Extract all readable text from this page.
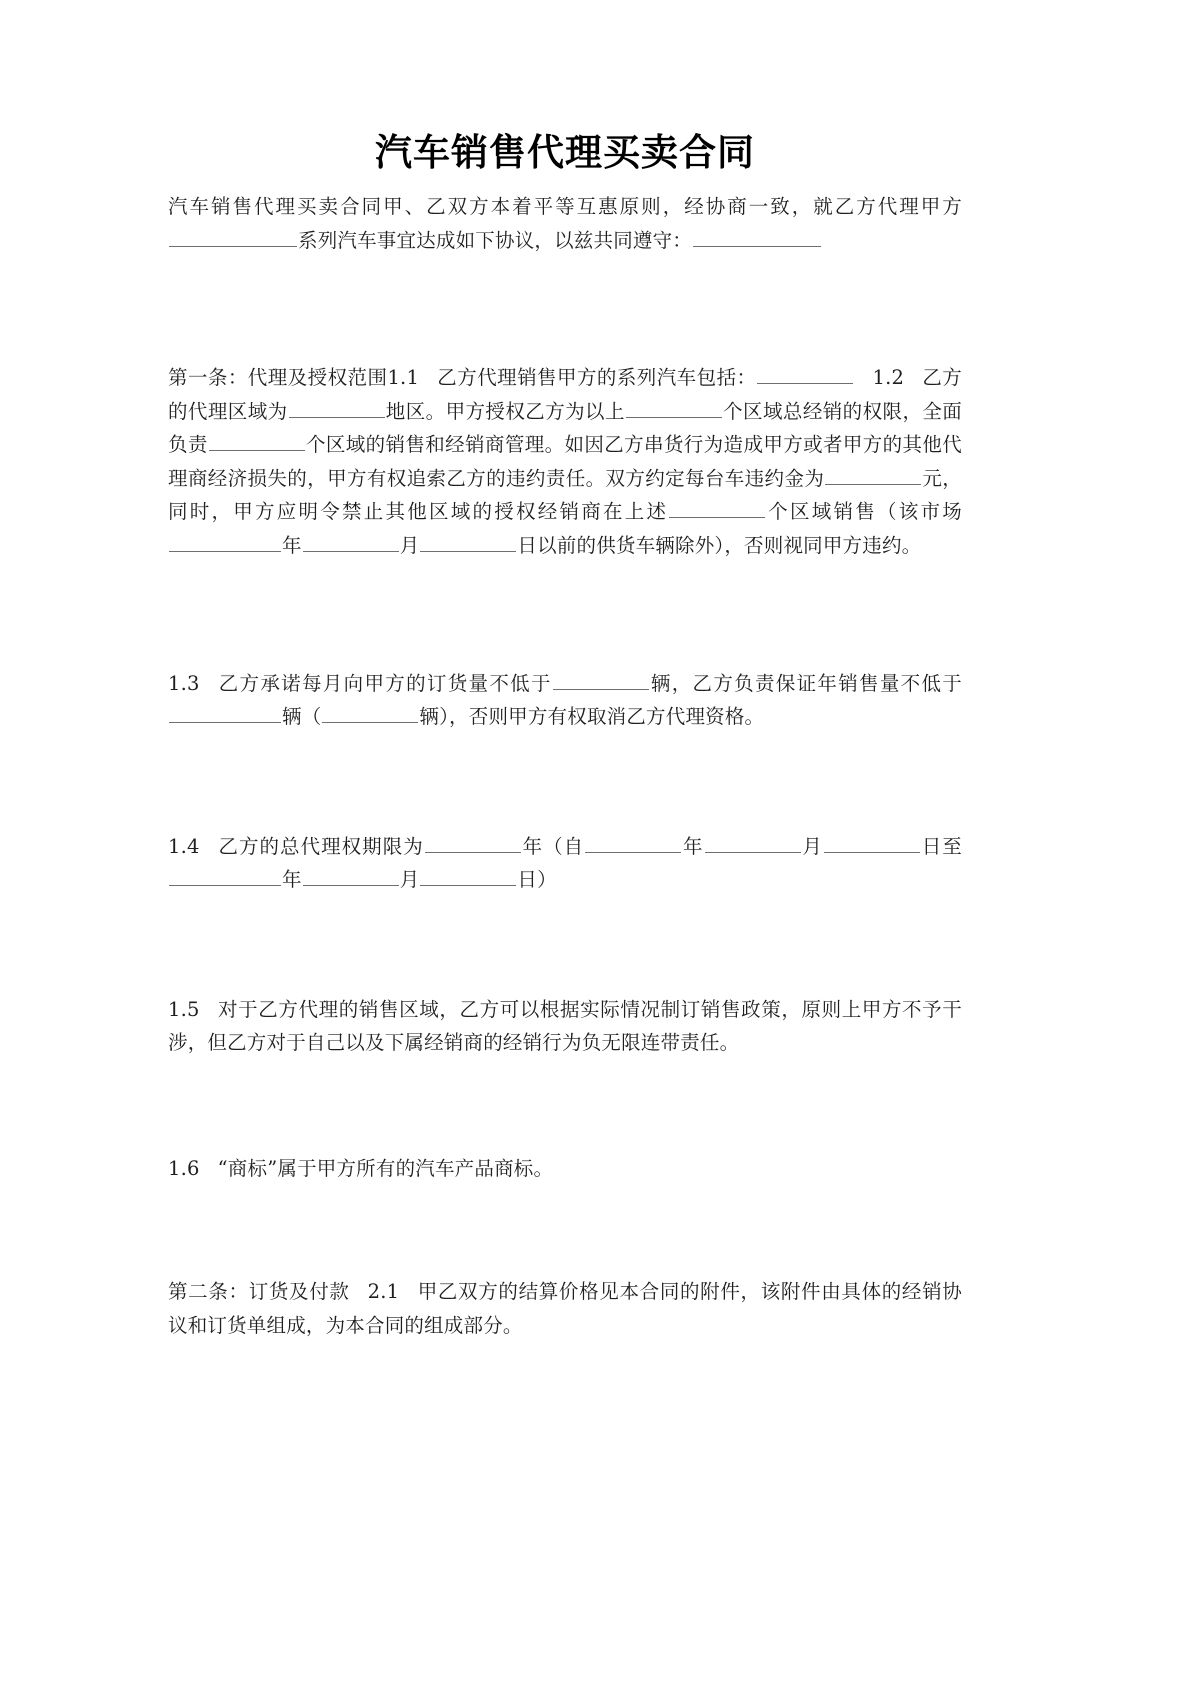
汽车销售代理买卖合同

汽车销售代理买卖合同甲、乙双方本着平等互惠原则，经协商一致，就乙方代理甲方系列汽车事宜达成如下协议，以兹共同遵守：

第一条：代理及授权范围1.1 乙方代理销售甲方的系列汽车包括：	1.2 乙方的代理区域为	地区。甲方授权乙方为以上	个区域总经销的权限，全面负责	个区域的销售和经销商管理。如因乙方串货行为造成甲方或者甲方的其他代理商经济损失的，甲方有权追索乙方的违约责任。双方约定每台车违约金为	元，同时，甲方应明令禁止其他区域的授权经销商在上述	个区域销售（该市场年	月	日以前的供货车辆除外），否则视同甲方违约。

1.3 乙方承诺每月向甲方的订货量不低于	辆，乙方负责保证年销售量不低于辆（	辆），否则甲方有权取消乙方代理资格。

1.4 乙方的总代理权期限为	年（自	年	月	日至年	月	日）

1.5 对于乙方代理的销售区域，乙方可以根据实际情况制订销售政策，原则上甲方不予干涉，但乙方对于自己以及下属经销商的经销行为负无限连带责任。

1.6 “商标”属于甲方所有的汽车产品商标。

第二条：订货及付款 2.1 甲乙双方的结算价格见本合同的附件，该附件由具体的经销协议和订货单组成，为本合同的组成部分。
